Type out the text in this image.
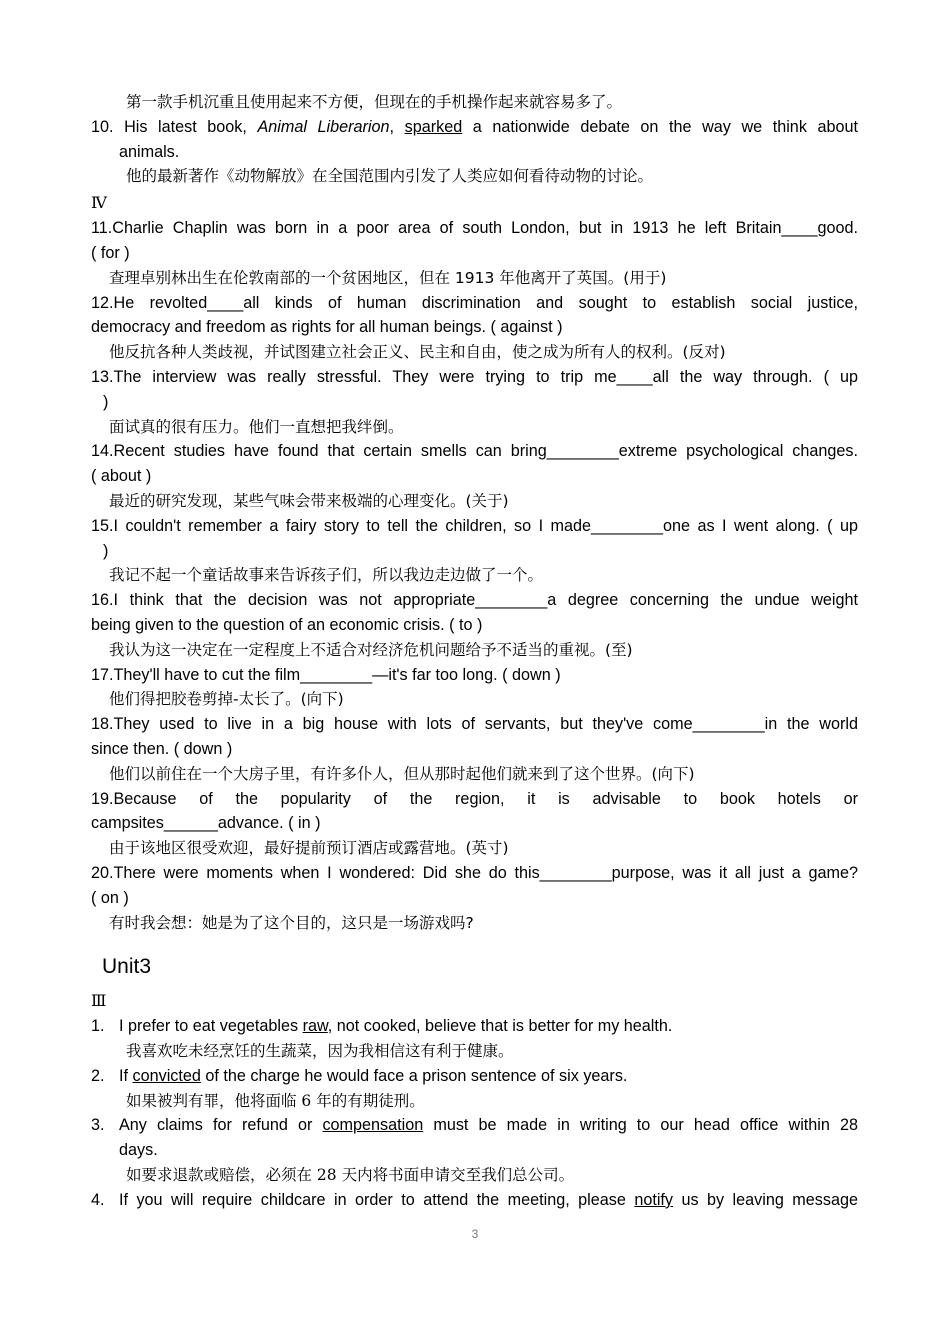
第一款手机沉重且使用起来不方便，但现在的手机操作起来就容易多了。
10. His latest book, Animal Liberarion, sparked a nationwide debate on the way we think about
animals.
他的最新著作《动物解放》在全国范围内引发了人类应如何看待动物的讨论。
Ⅳ
11.Charlie Chaplin was born in a poor area of south London, but in 1913 he left Britain____good.
( for )
查理卓别林出生在伦敦南部的一个贫困地区，但在 1913 年他离开了英国。(用于)
12.He revolted____all kinds of human discrimination and sought to establish social justice,
democracy and freedom as rights for all human beings. ( against )
他反抗各种人类歧视，并试图建立社会正义、民主和自由，使之成为所有人的权利。(反对)
13.The interview was really stressful. They were trying to trip me____all the way through. ( up
)
面试真的很有压力。他们一直想把我绊倒。
14.Recent studies have found that certain smells can bring________extreme psychological changes.
( about )
最近的研究发现，某些气味会带来极端的心理变化。(关于)
15.I couldn't remember a fairy story to tell the children, so I made________one as I went along. ( up
)
我记不起一个童话故事来告诉孩子们，所以我边走边做了一个。
16.I think that the decision was not appropriate________a degree concerning the undue weight
being given to the question of an economic crisis. ( to )
我认为这一决定在一定程度上不适合对经济危机问题给予不适当的重视。(至)
17.They'll have to cut the film________—it's far too long. ( down )
他们得把胶卷剪掉-太长了。(向下)
18.They used to live in a big house with lots of servants, but they've come________in the world
since then. ( down )
他们以前住在一个大房子里，有许多仆人，但从那时起他们就来到了这个世界。(向下)
19.Because of the popularity of the region, it is advisable to book hotels or
campsites______advance. ( in )
由于该地区很受欢迎，最好提前预订酒店或露营地。(英寸)
20.There were moments when I wondered: Did she do this________purpose, was it all just a game?
( on )
有时我会想：她是为了这个目的，这只是一场游戏吗?
Unit3
Ⅲ
1. I prefer to eat vegetables raw, not cooked, believe that is better for my health.
我喜欢吃未经烹饪的生蔬菜，因为我相信这有利于健康。
2. If convicted of the charge he would face a prison sentence of six years.
如果被判有罪，他将面临 6 年的有期徒刑。
3. Any claims for refund or compensation must be made in writing to our head office within 28
days.
如要求退款或赔偿，必须在 28 天内将书面申请交至我们总公司。
4. If you will require childcare in order to attend the meeting, please notify us by leaving message
3
